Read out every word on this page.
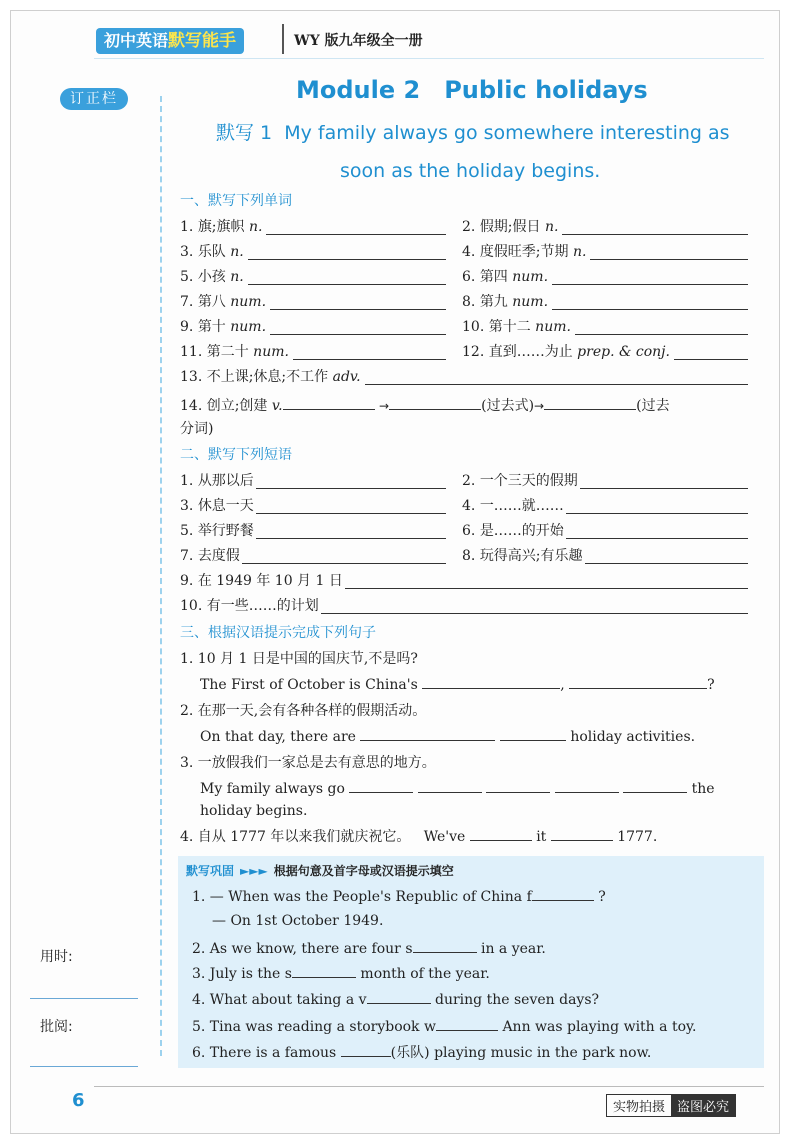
初中英语默写能手	WY 版九年级全一册
订正栏
用时:
批阅:
Module 2 Public holidays
默写 1 My family always go somewhere interesting as
soon as the holiday begins.
一、默写下列单词
1. 旗;旗帜 n.	2. 假期;假日 n.
3. 乐队 n.	4. 度假旺季;节期 n.
5. 小孩 n.	6. 第四 num.
7. 第八 num.	8. 第九 num.
9. 第十 num.	10. 第十二 num.
11. 第二十 num.	12. 直到……为止 prep. & conj.
13. 不上课;休息;不工作 adv.
14. 创立;创建 v.	→	(过去式)→	(过去
分词)
二、默写下列短语
1. 从那以后	2. 一个三天的假期
3. 休息一天	4. 一……就……
5. 举行野餐	6. 是……的开始
7. 去度假	8. 玩得高兴;有乐趣
9. 在 1949 年 10 月 1 日
10. 有一些……的计划
三、根据汉语提示完成下列句子
1. 10 月 1 日是中国的国庆节,不是吗?
The First of October is China's	,	?
2. 在那一天,会有各种各样的假期活动。
On that day, there are	holiday activities.
3. 一放假我们一家总是去有意思的地方。
My family always go	the
holiday begins.
4. 自从 1777 年以来我们就庆祝它。 We've	it	1777.
默写巩固 ►►► 根据句意及首字母或汉语提示填空
1. — When was the People's Republic of China f	?
— On 1st October 1949.
2. As we know, there are four s	in a year.
3. July is the s	month of the year.
4. What about taking a v	during the seven days?
5. Tina was reading a storybook w	Ann was playing with a toy.
6. There is a famous	(乐队) playing music in the park now.
6	实物拍摄 盗图必究
